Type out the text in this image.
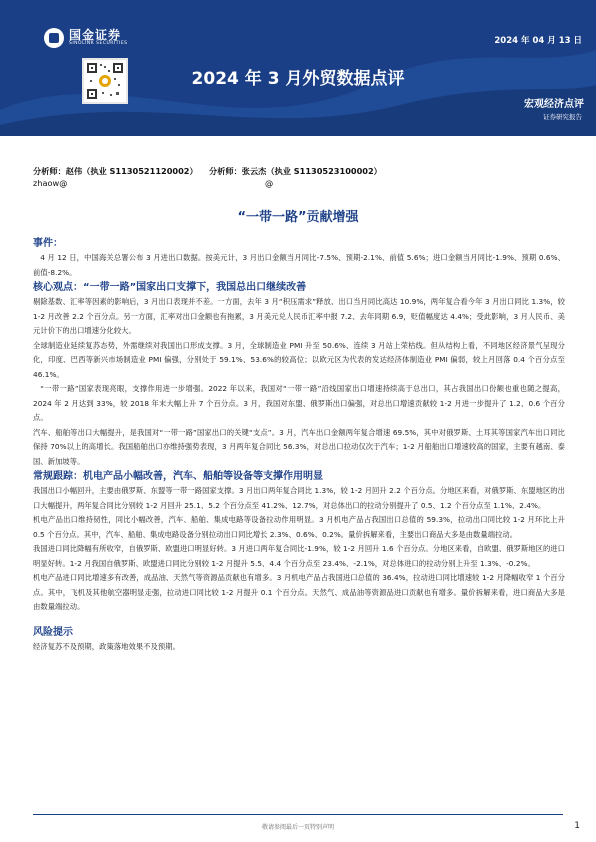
国金证券
SINOLINK SECURITIES	2024 年 04 月 13 日
2024 年 3 月外贸数据点评
宏观经济点评
证券研究报告
分析师：赵伟（执业 S1130521120002） 分析师：张云杰（执业 S1130523100002）
zhaow@	@
“一带一路”贡献增强

事件：

4 月 12 日，中国海关总署公布 3 月进出口数据。按美元计，3 月出口金额当月同比-7.5%、预期-2.1%、前值 5.6%；进口金额当月同比-1.9%、预期 0.6%、前值-8.2%。

核心观点：“一带一路”国家出口支撑下，我国总出口继续改善

剔除基数、汇率等因素的影响后，3 月出口表现并不差。一方面，去年 3 月“积压需求”释放、出口当月同比高达 10.9%，两年复合看今年 3 月出口同比 1.3%，较 1-2 月改善 2.2 个百分点。另一方面，汇率对出口金额也有拖累，3 月美元兑人民币汇率中报 7.2、去年同期 6.9，贬值幅度达 4.4%；受此影响，3 月人民币、美元计价下的出口增速分化较大。

全球制造业延续复苏态势，外需继续对我国出口形成支撑。3 月，全球制造业 PMI 升至 50.6%、连续 3 月站上荣枯线。但从结构上看，不同地区经济景气呈现分化，印度、巴西等新兴市场制造业 PMI 偏强，分别处于 59.1%、53.6%的较高位；以欧元区为代表的发达经济体制造业 PMI 偏弱，较上月回落 0.4 个百分点至 46.1%。

“一带一路”国家表现亮眼，支撑作用进一步增强。2022 年以来，我国对“一带一路”沿线国家出口增速持续高于总出口，其占我国出口份额也重也随之提高，2024 年 2 月达到 33%，较 2018 年末大幅上升 7 个百分点。3 月，我国对东盟、俄罗斯出口偏强，对总出口增速贡献较 1-2 月进一步提升了 1.2、0.6 个百分点。

汽车、船舶等出口大幅提升，是我国对“一带一路”国家出口的关键“支点”。3 月，汽车出口金额两年复合增速 69.5%，其中对俄罗斯、土耳其等国家汽车出口同比保持 70%以上的高增长。我国船舶出口亦维持强势表现，3 月两年复合同比 56.3%，对总出口拉动仅次于汽车；1-2 月船舶出口增速较高的国家，主要有越南、泰国、新加坡等。

常规跟踪：机电产品小幅改善，汽车、船舶等设备等支撑作用明显

我国出口小幅回升，主要由俄罗斯、东盟等一带一路国家支撑。3 月出口两年复合同比 1.3%，较 1-2 月回升 2.2 个百分点。分地区来看，对俄罗斯、东盟地区的出口大幅提升，两年复合同比分别较 1-2 月回升 25.1、5.2 个百分点至 41.2%、12.7%，对总体出口的拉动分别提升了 0.5、1.2 个百分点至 1.1%、2.4%。

机电产品出口维持韧性，同比小幅改善，汽车、船舶、集成电路等设备拉动作用明显。3 月机电产品占我国出口总值的 59.3%，拉动出口同比较 1-2 月环比上升 0.5 个百分点。其中，汽车、船舶、集成电路设备分别拉动出口同比增长 2.3%、0.6%、0.2%。量价拆解来看，主要出口商品大多是由数量端拉动。

我国进口同比降幅有所收窄，自俄罗斯、欧盟进口明显好转。3 月进口两年复合同比-1.9%，较 1-2 月回升 1.6 个百分点。分地区来看，自欧盟、俄罗斯地区的进口明显好转。1-2 月我国自俄罗斯、欧盟进口同比分别较 1-2 月提升 5.5、4.4 个百分点至 23.4%、-2.1%，对总体进口的拉动分别上升至 1.3%、-0.2%。

机电产品进口同比增速多有改善，成品油、天然气等资源品贡献也有增多。3 月机电产品占我国进口总值的 36.4%，拉动进口同比增速较 1-2 月降幅收窄 1 个百分点。其中，飞机及其他航空器明显走强，拉动进口同比较 1-2 月提升 0.1 个百分点。天然气、成品油等资源品进口贡献也有增多。量价拆解来看，进口商品大多是由数量端拉动。

风险提示

经济复苏不及预期，政策落地效果不及预期。

敬请参阅最后一页特别声明	1
